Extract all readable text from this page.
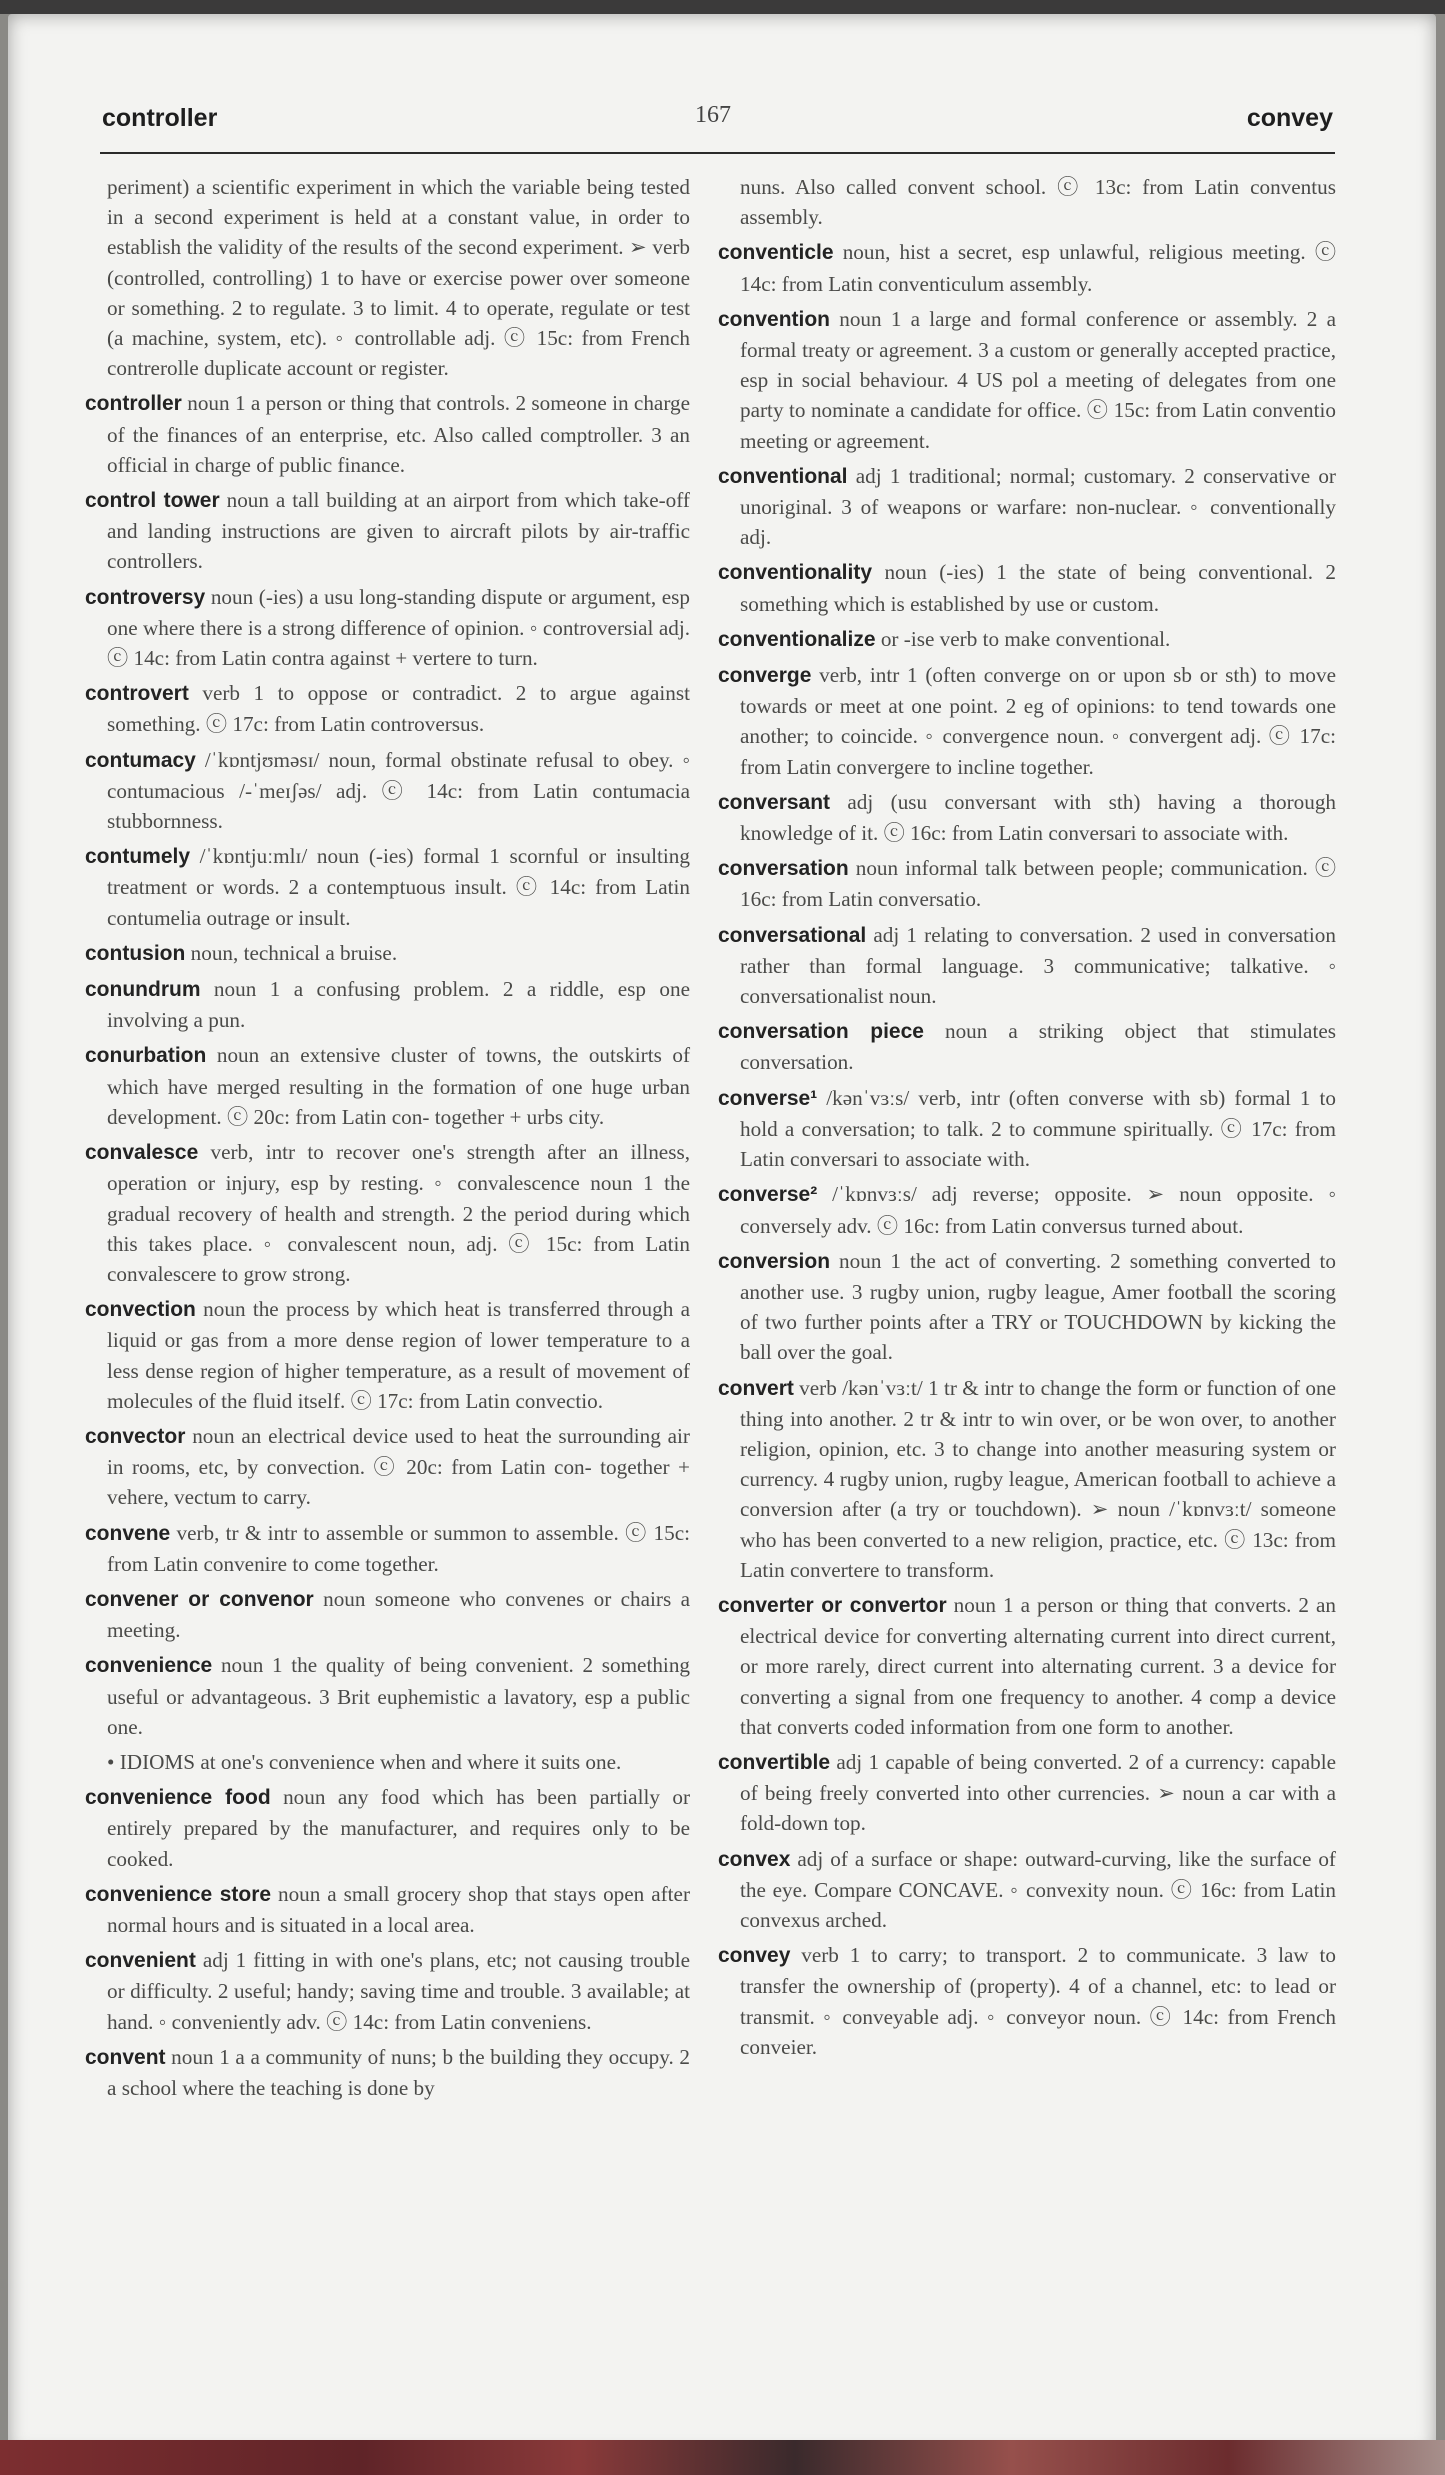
controller	167	convey
periment) a scientific experiment in which the variable being tested in a second experiment is held at a constant value, in order to establish the validity of the results of the second experiment. ➢ verb (controlled, controlling) 1 to have or exercise power over someone or something. 2 to regulate. 3 to limit. 4 to operate, regulate or test (a machine, system, etc). ◦ controllable adj. ⓒ 15c: from French contrerolle duplicate account or register.
controller noun 1 a person or thing that controls. 2 someone in charge of the finances of an enterprise, etc. Also called comptroller. 3 an official in charge of public finance.
control tower noun a tall building at an airport from which take-off and landing instructions are given to aircraft pilots by air-traffic controllers.
controversy noun (-ies) a usu long-standing dispute or argument, esp one where there is a strong difference of opinion. ◦ controversial adj. ⓒ 14c: from Latin contra against + vertere to turn.
controvert verb 1 to oppose or contradict. 2 to argue against something. ⓒ 17c: from Latin controversus.
contumacy /ˈkɒntjʊməsɪ/ noun, formal obstinate refusal to obey. ◦ contumacious /-ˈmeɪʃəs/ adj. ⓒ 14c: from Latin contumacia stubbornness.
contumely /ˈkɒntjuːmlɪ/ noun (-ies) formal 1 scornful or insulting treatment or words. 2 a contemptuous insult. ⓒ 14c: from Latin contumelia outrage or insult.
contusion noun, technical a bruise.
conundrum noun 1 a confusing problem. 2 a riddle, esp one involving a pun.
conurbation noun an extensive cluster of towns, the outskirts of which have merged resulting in the formation of one huge urban development. ⓒ 20c: from Latin con- together + urbs city.
convalesce verb, intr to recover one's strength after an illness, operation or injury, esp by resting. ◦ convalescence noun 1 the gradual recovery of health and strength. 2 the period during which this takes place. ◦ convalescent noun, adj. ⓒ 15c: from Latin convalescere to grow strong.
convection noun the process by which heat is transferred through a liquid or gas from a more dense region of lower temperature to a less dense region of higher temperature, as a result of movement of molecules of the fluid itself. ⓒ 17c: from Latin convectio.
convector noun an electrical device used to heat the surrounding air in rooms, etc, by convection. ⓒ 20c: from Latin con- together + vehere, vectum to carry.
convene verb, tr & intr to assemble or summon to assemble. ⓒ 15c: from Latin convenire to come together.
convener or convenor noun someone who convenes or chairs a meeting.
convenience noun 1 the quality of being convenient. 2 something useful or advantageous. 3 Brit euphemistic a lavatory, esp a public one.
• IDIOMS at one's convenience when and where it suits one.
convenience food noun any food which has been partially or entirely prepared by the manufacturer, and requires only to be cooked.
convenience store noun a small grocery shop that stays open after normal hours and is situated in a local area.
convenient adj 1 fitting in with one's plans, etc; not causing trouble or difficulty. 2 useful; handy; saving time and trouble. 3 available; at hand. ◦ conveniently adv. ⓒ 14c: from Latin conveniens.
convent noun 1 a a community of nuns; b the building they occupy. 2 a school where the teaching is done by
nuns. Also called convent school. ⓒ 13c: from Latin conventus assembly.
conventicle noun, hist a secret, esp unlawful, religious meeting. ⓒ 14c: from Latin conventiculum assembly.
convention noun 1 a large and formal conference or assembly. 2 a formal treaty or agreement. 3 a custom or generally accepted practice, esp in social behaviour. 4 US pol a meeting of delegates from one party to nominate a candidate for office. ⓒ 15c: from Latin conventio meeting or agreement.
conventional adj 1 traditional; normal; customary. 2 conservative or unoriginal. 3 of weapons or warfare: non-nuclear. ◦ conventionally adj.
conventionality noun (-ies) 1 the state of being conventional. 2 something which is established by use or custom.
conventionalize or -ise verb to make conventional.
converge verb, intr 1 (often converge on or upon sb or sth) to move towards or meet at one point. 2 eg of opinions: to tend towards one another; to coincide. ◦ convergence noun. ◦ convergent adj. ⓒ 17c: from Latin convergere to incline together.
conversant adj (usu conversant with sth) having a thorough knowledge of it. ⓒ 16c: from Latin conversari to associate with.
conversation noun informal talk between people; communication. ⓒ 16c: from Latin conversatio.
conversational adj 1 relating to conversation. 2 used in conversation rather than formal language. 3 communicative; talkative. ◦ conversationalist noun.
conversation piece noun a striking object that stimulates conversation.
converse¹ /kənˈvɜːs/ verb, intr (often converse with sb) formal 1 to hold a conversation; to talk. 2 to commune spiritually. ⓒ 17c: from Latin conversari to associate with.
converse² /ˈkɒnvɜːs/ adj reverse; opposite. ➢ noun opposite. ◦ conversely adv. ⓒ 16c: from Latin conversus turned about.
conversion noun 1 the act of converting. 2 something converted to another use. 3 rugby union, rugby league, Amer football the scoring of two further points after a TRY or TOUCHDOWN by kicking the ball over the goal.
convert verb /kənˈvɜːt/ 1 tr & intr to change the form or function of one thing into another. 2 tr & intr to win over, or be won over, to another religion, opinion, etc. 3 to change into another measuring system or currency. 4 rugby union, rugby league, American football to achieve a conversion after (a try or touchdown). ➢ noun /ˈkɒnvɜːt/ someone who has been converted to a new religion, practice, etc. ⓒ 13c: from Latin convertere to transform.
converter or convertor noun 1 a person or thing that converts. 2 an electrical device for converting alternating current into direct current, or more rarely, direct current into alternating current. 3 a device for converting a signal from one frequency to another. 4 comp a device that converts coded information from one form to another.
convertible adj 1 capable of being converted. 2 of a currency: capable of being freely converted into other currencies. ➢ noun a car with a fold-down top.
convex adj of a surface or shape: outward-curving, like the surface of the eye. Compare CONCAVE. ◦ convexity noun. ⓒ 16c: from Latin convexus arched.
convey verb 1 to carry; to transport. 2 to communicate. 3 law to transfer the ownership of (property). 4 of a channel, etc: to lead or transmit. ◦ conveyable adj. ◦ conveyor noun. ⓒ 14c: from French conveier.
